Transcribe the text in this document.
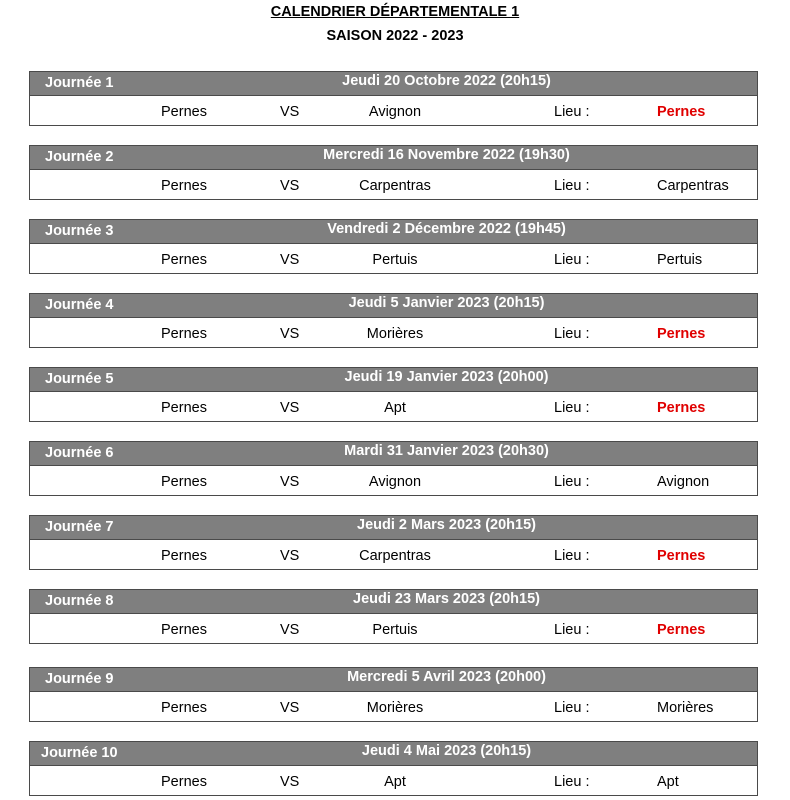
CALENDRIER DÉPARTEMENTALE 1
SAISON 2022 - 2023
Journée 1	Jeudi 20 Octobre 2022 (20h15)
Pernes	VS	Avignon	Lieu :	Pernes
Journée 2	Mercredi 16 Novembre 2022 (19h30)
Pernes	VS	Carpentras	Lieu :	Carpentras
Journée 3	Vendredi 2 Décembre 2022 (19h45)
Pernes	VS	Pertuis	Lieu :	Pertuis
Journée 4	Jeudi 5 Janvier 2023 (20h15)
Pernes	VS	Morières	Lieu :	Pernes
Journée 5	Jeudi 19 Janvier 2023 (20h00)
Pernes	VS	Apt	Lieu :	Pernes
Journée 6	Mardi 31 Janvier 2023 (20h30)
Pernes	VS	Avignon	Lieu :	Avignon
Journée 7	Jeudi 2 Mars 2023 (20h15)
Pernes	VS	Carpentras	Lieu :	Pernes
Journée 8	Jeudi 23 Mars 2023 (20h15)
Pernes	VS	Pertuis	Lieu :	Pernes
Journée 9	Mercredi 5 Avril 2023 (20h00)
Pernes	VS	Morières	Lieu :	Morières
Journée 10	Jeudi 4 Mai 2023 (20h15)
Pernes	VS	Apt	Lieu :	Apt
